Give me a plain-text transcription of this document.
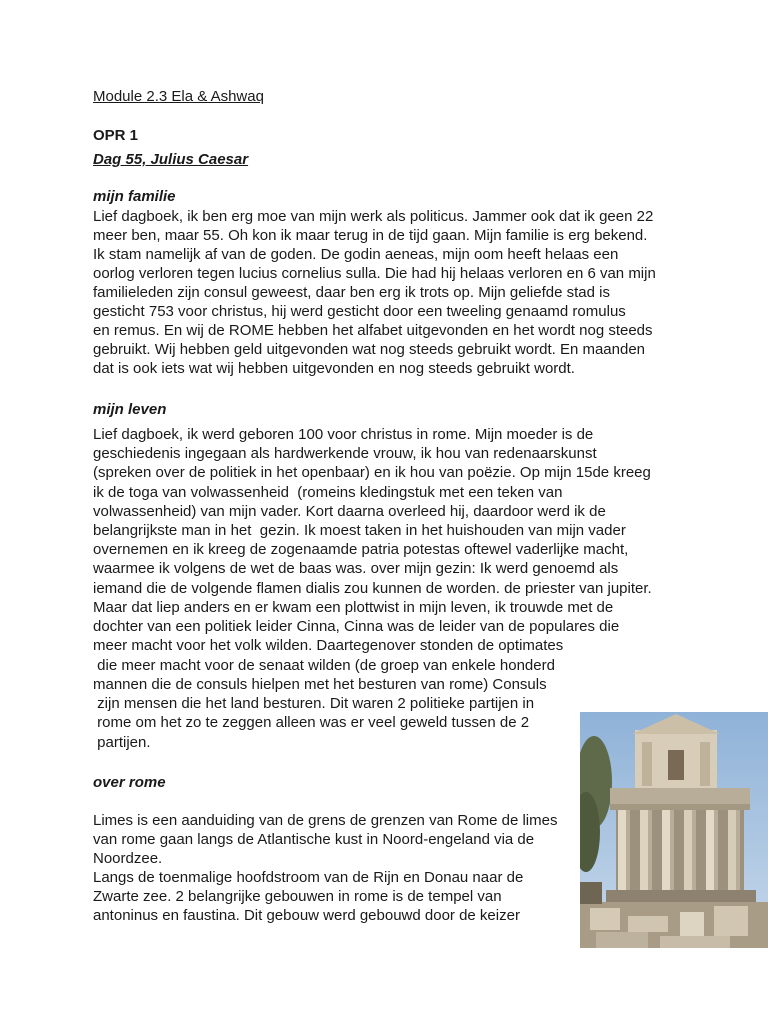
Module 2.3 Ela & Ashwaq

OPR 1

Dag 55, Julius Caesar

mijn familie

Lief dagboek, ik ben erg moe van mijn werk als politicus. Jammer ook dat ik geen 22

meer ben, maar 55. Oh kon ik maar terug in de tijd gaan. Mijn familie is erg bekend.

Ik stam namelijk af van de goden. De godin aeneas, mijn oom heeft helaas een

oorlog verloren tegen lucius cornelius sulla. Die had hij helaas verloren en 6 van mijn

familieleden zijn consul geweest, daar ben erg ik trots op. Mijn geliefde stad is

gesticht 753 voor christus, hij werd gesticht door een tweeling genaamd romulus

en remus. En wij de ROME hebben het alfabet uitgevonden en het wordt nog steeds

gebruikt. Wij hebben geld uitgevonden wat nog steeds gebruikt wordt. En maanden

dat is ook iets wat wij hebben uitgevonden en nog steeds gebruikt wordt.

mijn leven

Lief dagboek, ik werd geboren 100 voor christus in rome. Mijn moeder is de

geschiedenis ingegaan als hardwerkende vrouw, ik hou van redenaarskunst

(spreken over de politiek in het openbaar) en ik hou van poëzie. Op mijn 15de kreeg

ik de toga van volwassenheid  (romeins kledingstuk met een teken van

volwassenheid) van mijn vader. Kort daarna overleed hij, daardoor werd ik de

belangrijkste man in het  gezin. Ik moest taken in het huishouden van mijn vader

overnemen en ik kreeg de zogenaamde patria potestas oftewel vaderlijke macht,

waarmee ik volgens de wet de baas was. over mijn gezin: Ik werd genoemd als

iemand die de volgende flamen dialis zou kunnen de worden. de priester van jupiter.

Maar dat liep anders en er kwam een plottwist in mijn leven, ik trouwde met de

dochter van een politiek leider Cinna, Cinna was de leider van de populares die

meer macht voor het volk wilden. Daartegenover stonden de optimates

die meer macht voor de senaat wilden (de groep van enkele honderd

mannen die de consuls hielpen met het besturen van rome) Consuls

zijn mensen die het land besturen. Dit waren 2 politieke partijen in

rome om het zo te zeggen alleen was er veel geweld tussen de 2

partijen.

over rome

Limes is een aanduiding van de grens de grenzen van Rome de limes

van rome gaan langs de Atlantische kust in Noord-engeland via de

Noordzee.

Langs de toenmalige hoofdstroom van de Rijn en Donau naar de

Zwarte zee. 2 belangrijke gebouwen in rome is de tempel van

antoninus en faustina. Dit gebouw werd gebouwd door de keizer
